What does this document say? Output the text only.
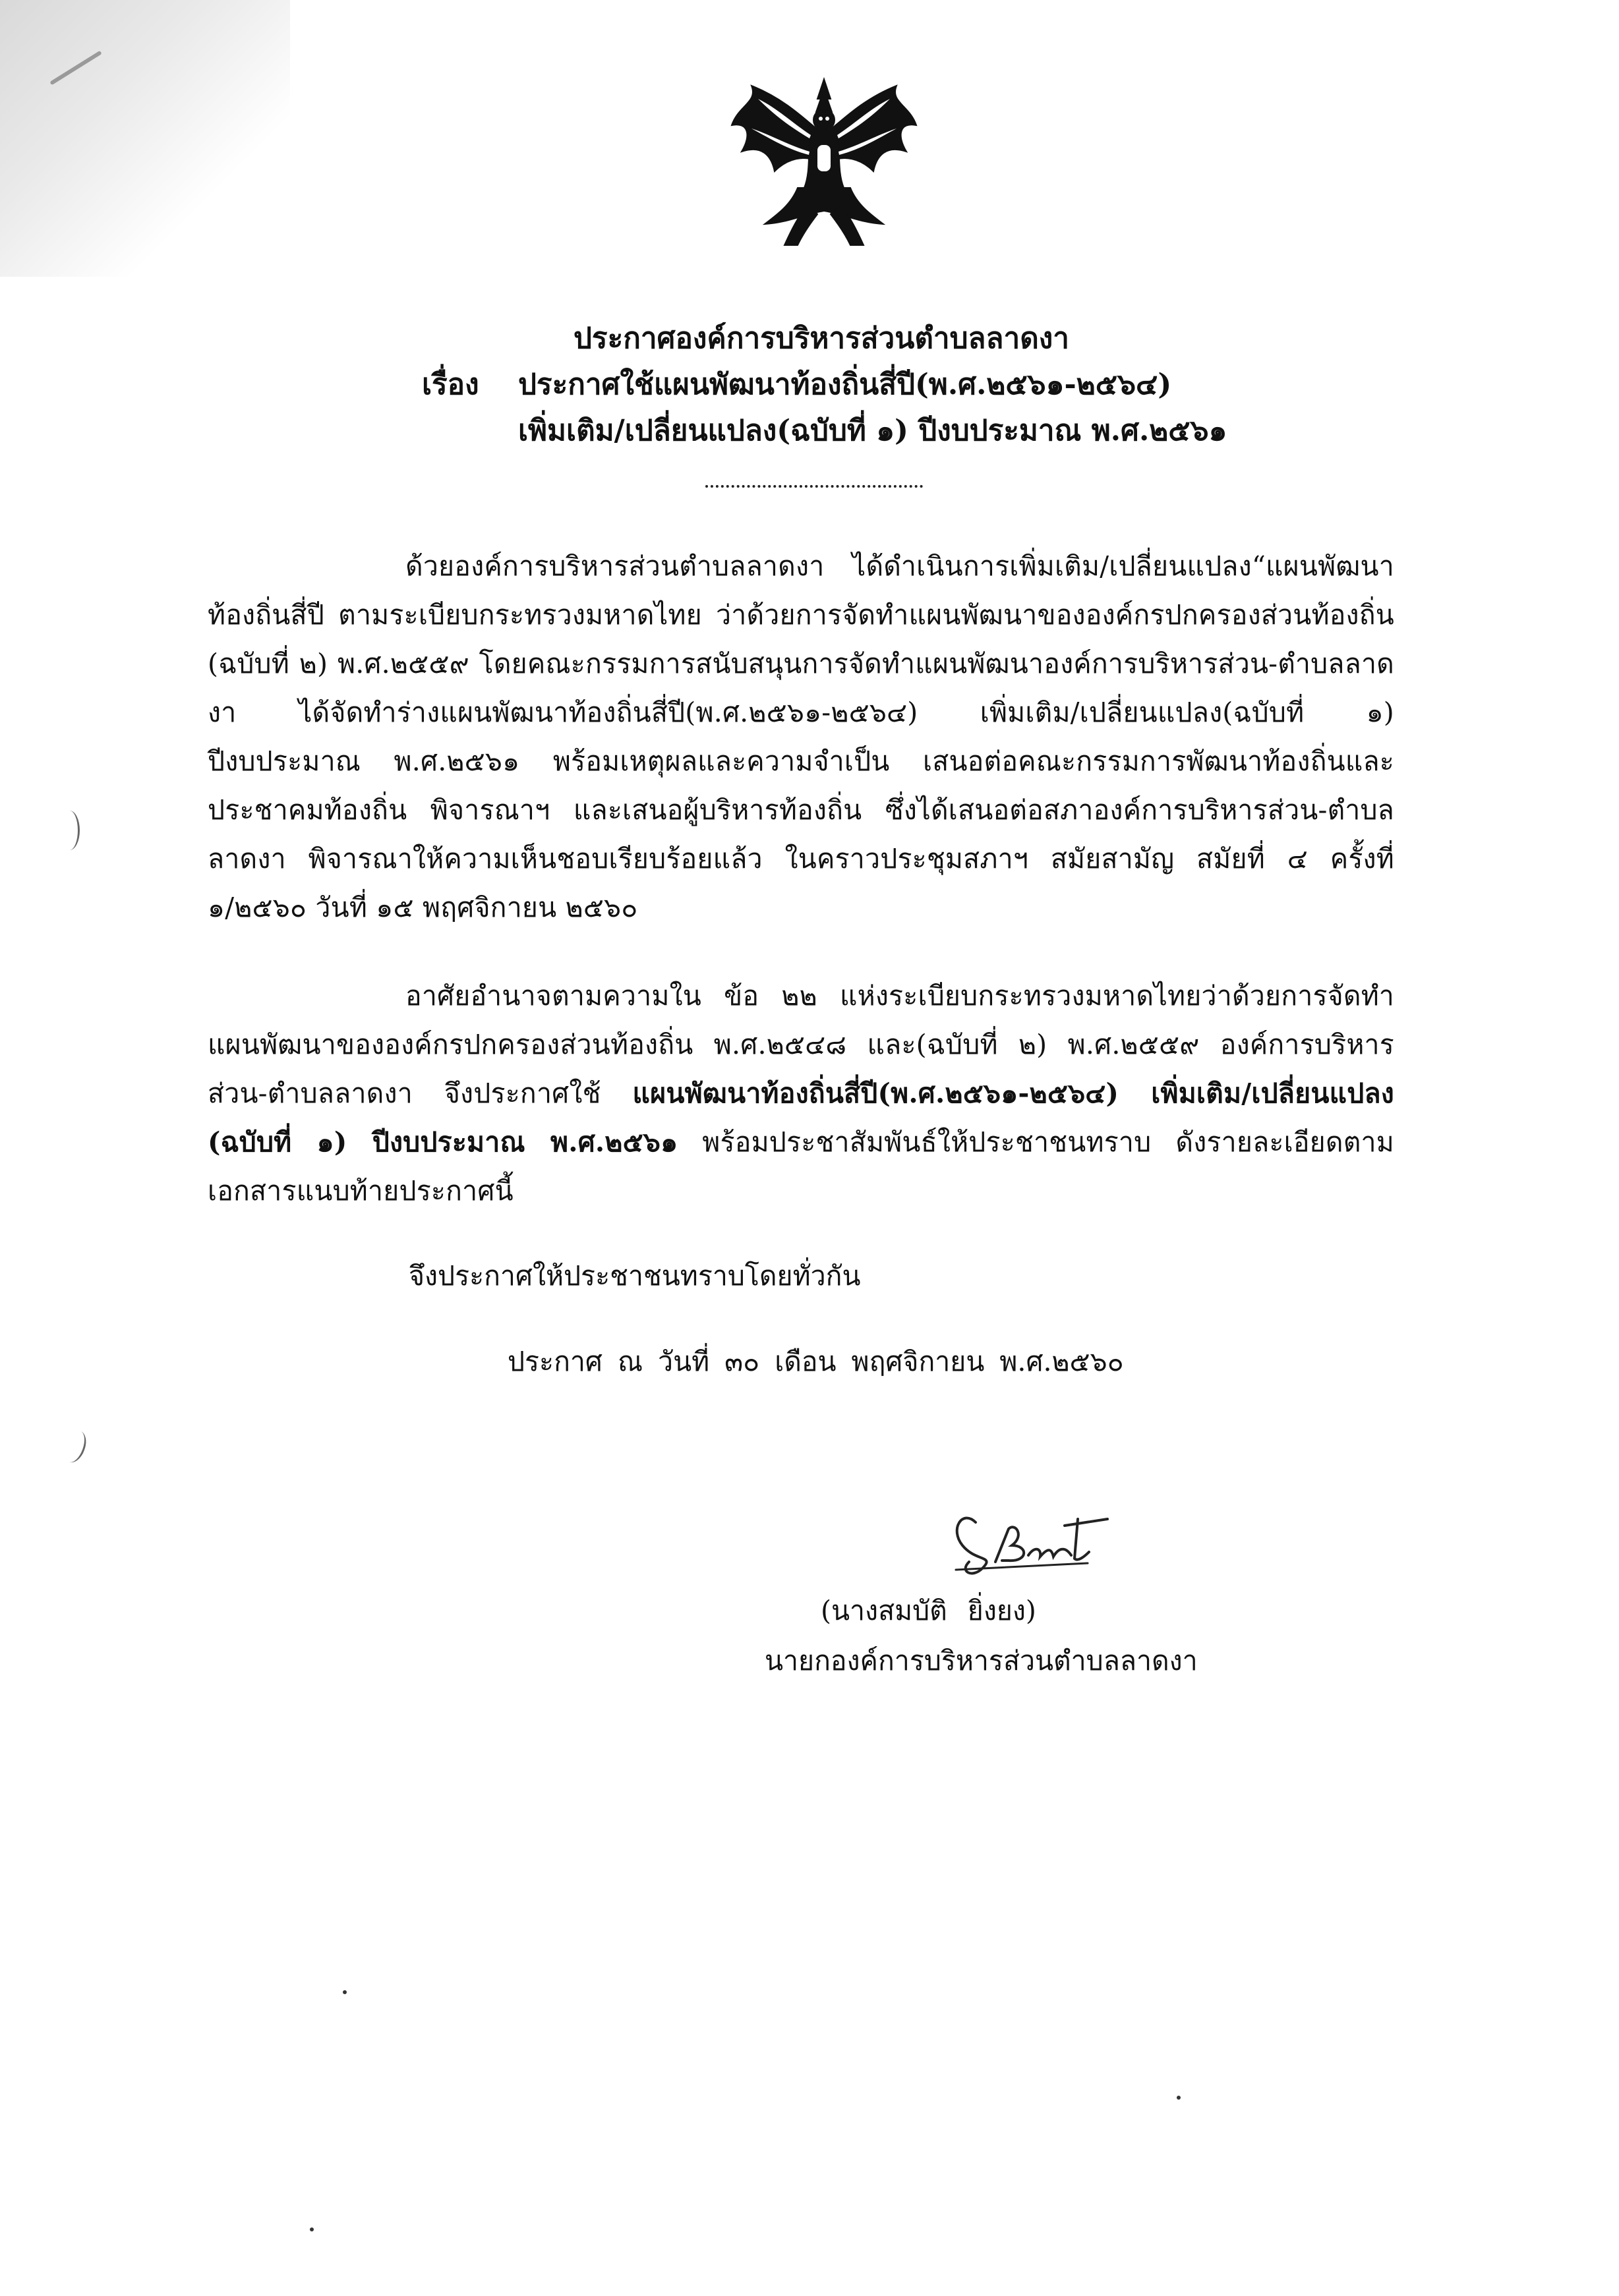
ประกาศองค์การบริหารส่วนตำบลลาดงา
เรื่อง ประกาศใช้แผนพัฒนาท้องถิ่นสี่ปี(พ.ศ.๒๕๖๑-๒๕๖๔)
เพิ่มเติม/เปลี่ยนแปลง(ฉบับที่ ๑) ปีงบประมาณ พ.ศ.๒๕๖๑
ด้วยองค์การบริหารส่วนตำบลลาดงา ได้ดำเนินการเพิ่มเติม/เปลี่ยนแปลง“แผนพัฒนาท้องถิ่นสี่ปี ตามระเบียบกระทรวงมหาดไทย ว่าด้วยการจัดทำแผนพัฒนาขององค์กรปกครองส่วนท้องถิ่น (ฉบับที่ ๒) พ.ศ.๒๕๕๙ โดยคณะกรรมการสนับสนุนการจัดทำแผนพัฒนาองค์การบริหารส่วน-ตำบลลาดงา ได้จัดทำร่างแผนพัฒนาท้องถิ่นสี่ปี(พ.ศ.๒๕๖๑-๒๕๖๔) เพิ่มเติม/เปลี่ยนแปลง(ฉบับที่ ๑) ปีงบประมาณ พ.ศ.๒๕๖๑ พร้อมเหตุผลและความจำเป็น เสนอต่อคณะกรรมการพัฒนาท้องถิ่นและประชาคมท้องถิ่น พิจารณาฯ และเสนอผู้บริหารท้องถิ่น ซึ่งได้เสนอต่อสภาองค์การบริหารส่วน-ตำบลลาดงา พิจารณาให้ความเห็นชอบเรียบร้อยแล้ว ในคราวประชุมสภาฯ สมัยสามัญ สมัยที่ ๔ ครั้งที่ ๑/๒๕๖๐ วันที่ ๑๕ พฤศจิกายน ๒๕๖๐
อาศัยอำนาจตามความใน ข้อ ๒๒ แห่งระเบียบกระทรวงมหาดไทยว่าด้วยการจัดทำแผนพัฒนาขององค์กรปกครองส่วนท้องถิ่น พ.ศ.๒๕๔๘ และ(ฉบับที่ ๒) พ.ศ.๒๕๕๙ องค์การบริหารส่วน-ตำบลลาดงา จึงประกาศใช้ แผนพัฒนาท้องถิ่นสี่ปี(พ.ศ.๒๕๖๑-๒๕๖๔) เพิ่มเติม/เปลี่ยนแปลง (ฉบับที่ ๑) ปีงบประมาณ พ.ศ.๒๕๖๑ พร้อมประชาสัมพันธ์ให้ประชาชนทราบ ดังรายละเอียดตามเอกสารแนบท้ายประกาศนี้
จึงประกาศให้ประชาชนทราบโดยทั่วกัน
ประกาศ ณ วันที่ ๓๐ เดือน พฤศจิกายน พ.ศ.๒๕๖๐
(นางสมบัติ ยิ่งยง)
นายกองค์การบริหารส่วนตำบลลาดงา
